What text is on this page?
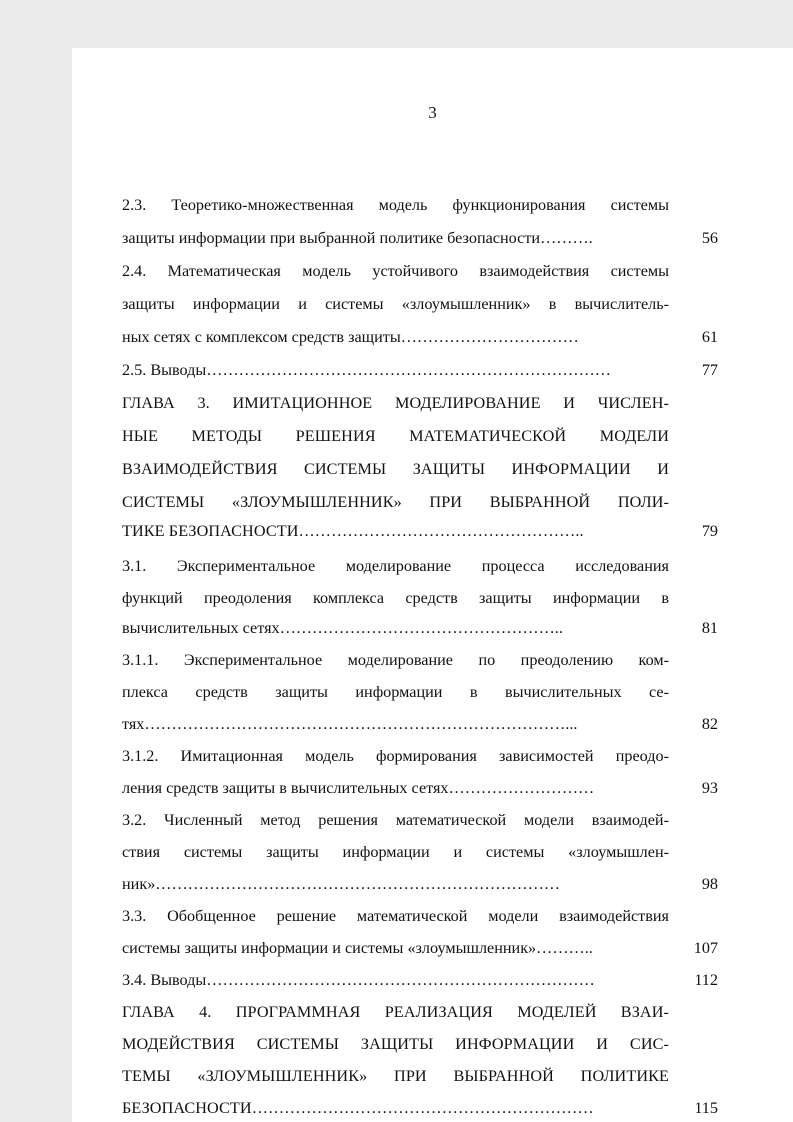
3
2.3. Теоретико-множественная модель функционирования системы
защиты информации при выбранной политике безопасности……….	56
2.4. Математическая модель устойчивого взаимодействия системы
защиты информации и системы «злоумышленник» в вычислитель-
ных сетях с комплексом средств защиты……………………………	61
2.5. Выводы…………………………………………………………………	77
ГЛАВА 3. ИМИТАЦИОННОЕ МОДЕЛИРОВАНИЕ И ЧИСЛЕН-
НЫЕ МЕТОДЫ РЕШЕНИЯ МАТЕМАТИЧЕСКОЙ МОДЕЛИ
ВЗАИМОДЕЙСТВИЯ СИСТЕМЫ ЗАЩИТЫ ИНФОРМАЦИИ И
СИСТЕМЫ «ЗЛОУМЫШЛЕННИК» ПРИ ВЫБРАННОЙ ПОЛИ-
ТИКЕ БЕЗОПАСНОСТИ……………………………………………..	79
3.1. Экспериментальное моделирование процесса исследования
функций преодоления комплекса средств защиты информации в
вычислительных сетях……………………………………………..	81
3.1.1. Экспериментальное моделирование по преодолению ком-
плекса средств защиты информации в вычислительных се-
тях……………………………………………………………………...	82
3.1.2. Имитационная модель формирования зависимостей преодо-
ления средств защиты в вычислительных сетях………………………	93
3.2. Численный метод решения математической модели взаимодей-
ствия системы защиты информации и системы «злоумышлен-
ник»…………………………………………………………………	98
3.3. Обобщенное решение математической модели взаимодействия
системы защиты информации и системы «злоумышленник»………..	107
3.4. Выводы………………………………………………………………	112
ГЛАВА 4. ПРОГРАММНАЯ РЕАЛИЗАЦИЯ МОДЕЛЕЙ ВЗАИ-
МОДЕЙСТВИЯ СИСТЕМЫ ЗАЩИТЫ ИНФОРМАЦИИ И СИС-
ТЕМЫ «ЗЛОУМЫШЛЕННИК» ПРИ ВЫБРАННОЙ ПОЛИТИКЕ
БЕЗОПАСНОСТИ………………………………………………………	115
